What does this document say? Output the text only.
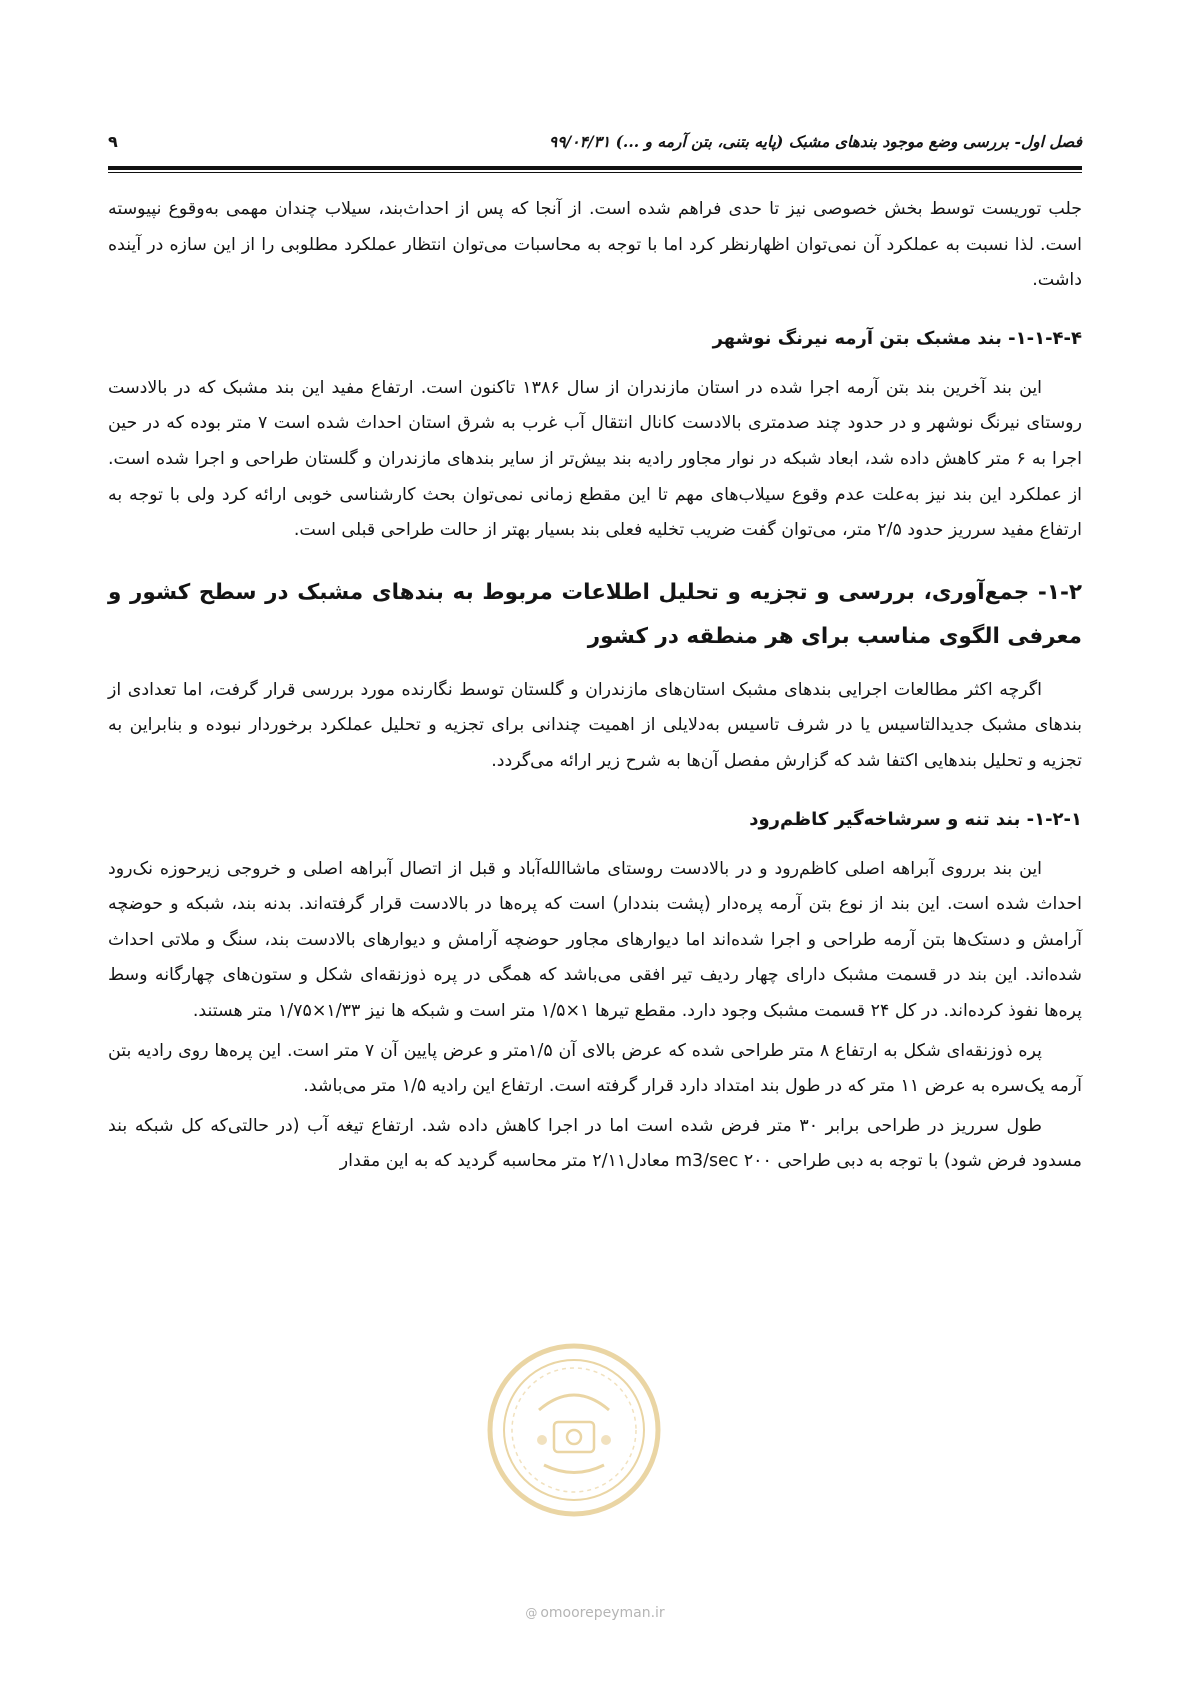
فصل اول- بررسی وضع موجود بندهای مشبک (پایه بتنی، بتن آرمه و ...) ۹۹/۰۴/۳۱
۹

جلب توریست توسط بخش خصوصی نیز تا حدی فراهم شده است. از آنجا که پس از احداث‌بند، سیلاب چندان مهمی به‌وقوع نپیوسته است. لذا نسبت به عملکرد آن نمی‌توان اظهارنظر کرد اما با توجه به محاسبات می‌توان انتظار عملکرد مطلوبی را از این سازه در آینده داشت.

۱-۱-۴-۴- بند مشبک بتن آرمه نیرنگ نوشهر

این بند آخرین بند بتن آرمه اجرا شده در استان مازندران از سال ۱۳۸۶ تاکنون است. ارتفاع مفید این بند مشبک که در بالادست روستای نیرنگ نوشهر و در حدود چند صدمتری بالادست کانال انتقال آب غرب به شرق استان احداث شده است ۷ متر بوده که در حین اجرا به ۶ متر کاهش داده شد، ابعاد شبکه در نوار مجاور رادیه بند بیش‌تر از سایر بندهای مازندران و گلستان طراحی و اجرا شده است. از عملکرد این بند نیز به‌علت عدم وقوع سیلاب‌های مهم تا این مقطع زمانی نمی‌توان بحث کارشناسی خوبی ارائه کرد ولی با توجه به ارتفاع مفید سرریز حدود ۲/۵ متر، می‌توان گفت ضریب تخلیه فعلی بند بسیار بهتر از حالت طراحی قبلی است.

۱-۲- جمع‌آوری، بررسی و تجزیه و تحلیل اطلاعات مربوط به بندهای مشبک در سطح کشور و معرفی الگوی مناسب برای هر منطقه در کشور

اگرچه اکثر مطالعات اجرایی بندهای مشبک استان‌های مازندران و گلستان توسط نگارنده مورد بررسی قرار گرفت، اما تعدادی از بندهای مشبک جدیدالتاسیس یا در شرف تاسیس به‌دلایلی از اهمیت چندانی برای تجزیه و تحلیل عملکرد برخوردار نبوده و بنابراین به تجزیه و تحلیل بندهایی اکتفا شد که گزارش مفصل آن‌ها به شرح زیر ارائه می‌گردد.

۱-۲-۱- بند تنه و سرشاخه‌گیر کاظم‌رود

این بند برروی آبراهه اصلی کاظم‌رود و در بالادست روستای ماشاالله‌آباد و قبل از اتصال آبراهه اصلی و خروجی زیرحوزه نک‌رود احداث شده است. این بند از نوع بتن آرمه پره‌دار (پشت بنددار) است که پره‌ها در بالادست قرار گرفته‌اند. بدنه بند، شبکه و حوضچه آرامش و دستک‌ها بتن آرمه طراحی و اجرا شده‌اند اما دیوارهای مجاور حوضچه آرامش و دیوارهای بالادست بند، سنگ و ملاتی احداث شده‌اند. این بند در قسمت مشبک دارای چهار ردیف تیر افقی می‌باشد که همگی در پره ذوزنقه‌ای شکل و ستون‌های چهارگانه وسط پره‌ها نفوذ کرده‌اند. در کل ۲۴ قسمت مشبک وجود دارد. مقطع تیرها ۱×۱/۵ متر است و شبکه ها نیز ۱/۳۳×۱/۷۵ متر هستند.

پره ذوزنقه‌ای شکل به ارتفاع ۸ متر طراحی شده که عرض بالای آن ۱/۵متر و عرض پایین آن ۷ متر است. این پره‌ها روی رادیه بتن آرمه یک‌سره به عرض ۱۱ متر که در طول بند امتداد دارد قرار گرفته است. ارتفاع این رادیه ۱/۵ متر می‌باشد.

طول سرریز در طراحی برابر ۳۰ متر فرض شده است اما در اجرا کاهش داده شد. ارتفاع تیغه آب (در حالتی‌که کل شبکه بند مسدود فرض شود) با توجه به دبی طراحی m3/sec ۲۰۰ معادل۲/۱۱ متر محاسبه گردید که به این مقدار

@ omoorepeyman.ir
